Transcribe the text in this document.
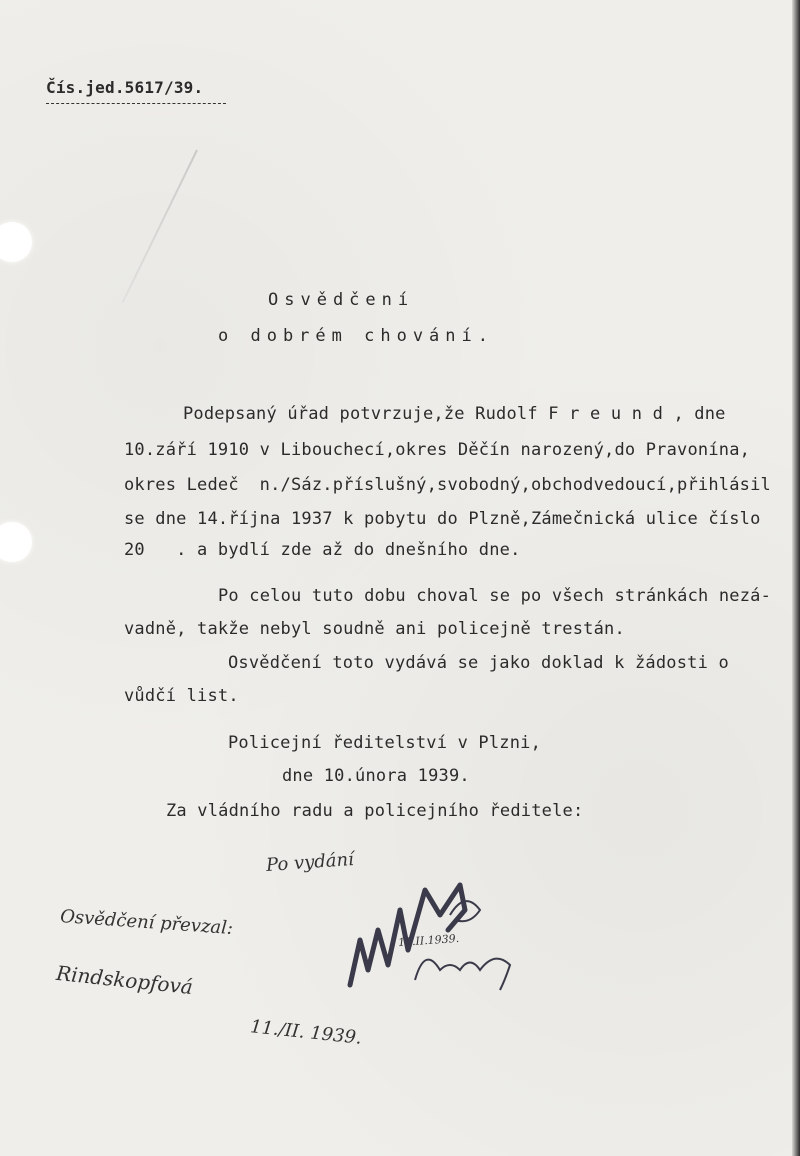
Čís.jed.5617/39.
Osvědčení
o dobrém chování.
Podepsaný úřad potvrzuje,že Rudolf F r e u n d , dne
10.září 1910 v Libouchecí,okres Děčín narozený,do Pravonína,
okres Ledeč  n./Sáz.příslušný,svobodný,obchodvedoucí,přihlásil
se dne 14.října 1937 k pobytu do Plzně,Zámečnická ulice číslo
20   . a bydlí zde až do dnešního dne.
Po celou tuto dobu choval se po všech stránkách nezá-
vadně, takže nebyl soudně ani policejně trestán.
Osvědčení toto vydává se jako doklad k žádosti o
vůdčí list.
Policejní ředitelství v Plzni,
dne 10.února 1939.
Za vládního radu a policejního ředitele:
Po vydání
Osvědčení převzal:
Rindskopfová
11./II. 1939.
11.II.1939.
